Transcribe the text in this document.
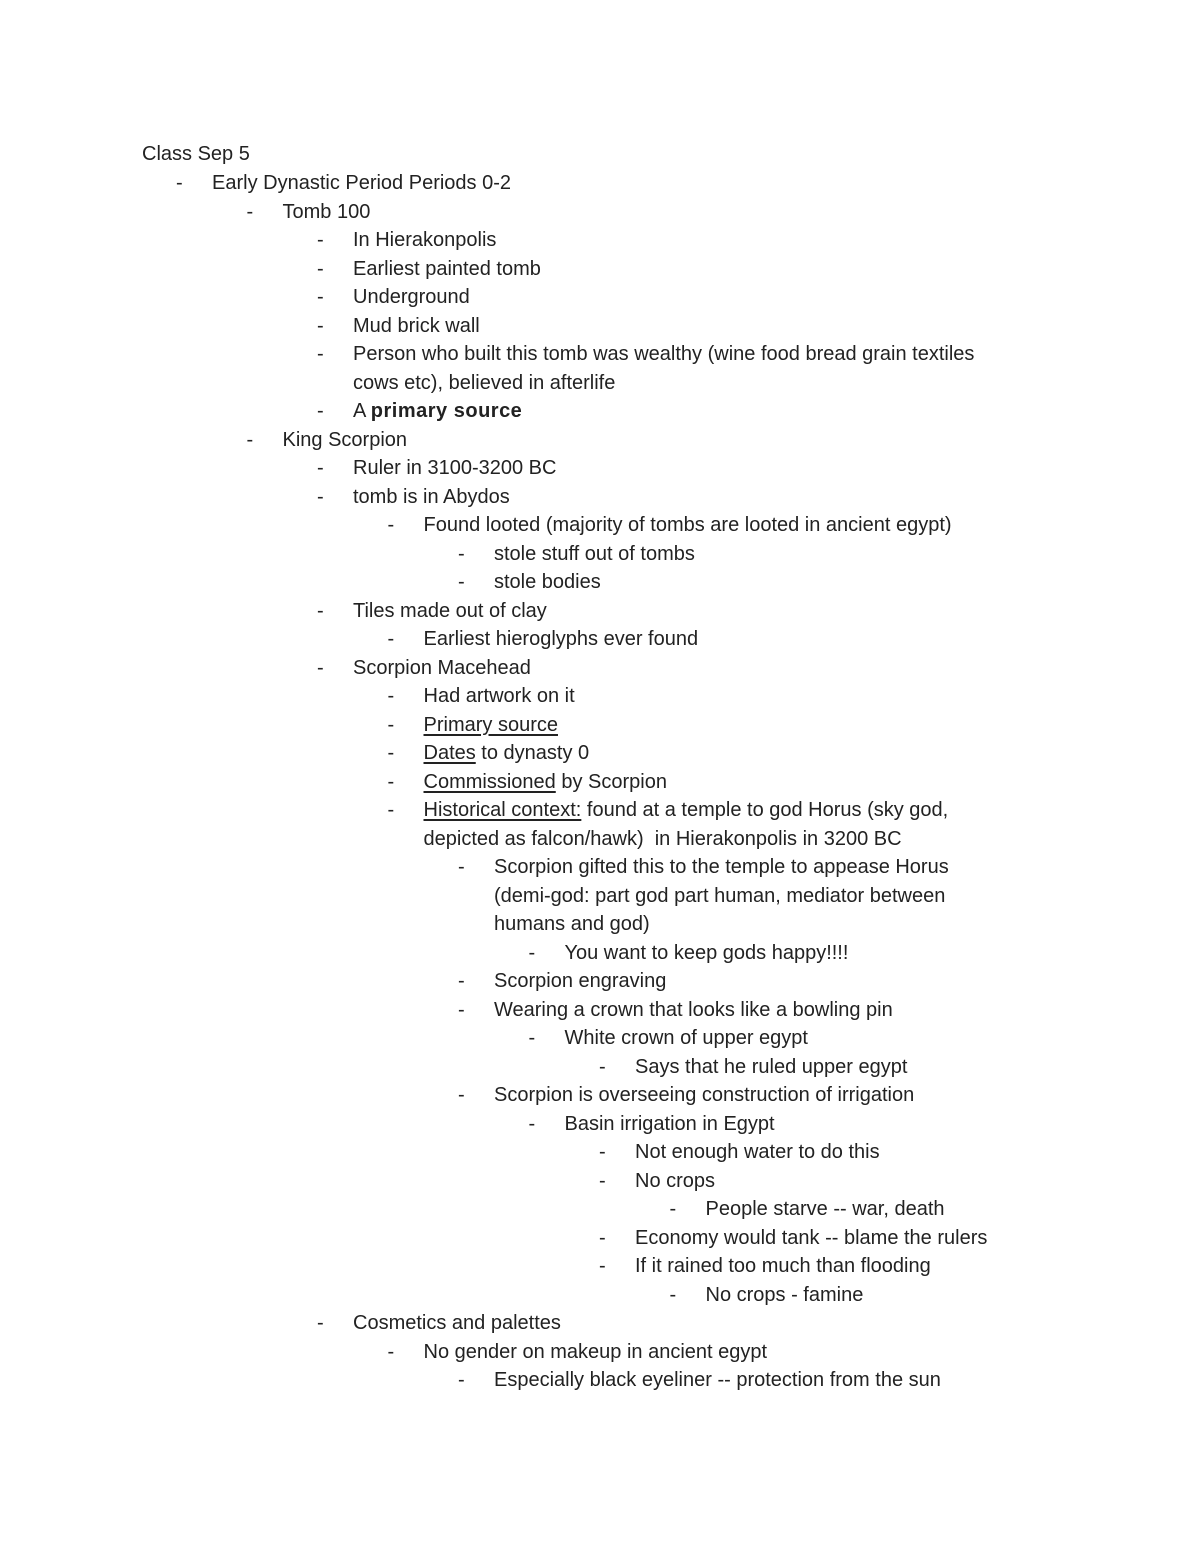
Class Sep 5
- Early Dynastic Period Periods 0-2
- Tomb 100
- In Hierakonpolis
- Earliest painted tomb
- Underground
- Mud brick wall
- Person who built this tomb was wealthy (wine food bread grain textiles
cows etc), believed in afterlife
- A primary source
- King Scorpion
- Ruler in 3100-3200 BC
- tomb is in Abydos
- Found looted (majority of tombs are looted in ancient egypt)
- stole stuff out of tombs
- stole bodies
- Tiles made out of clay
- Earliest hieroglyphs ever found
- Scorpion Macehead
- Had artwork on it
- Primary source
- Dates to dynasty 0
- Commissioned by Scorpion
- Historical context: found at a temple to god Horus (sky god,
depicted as falcon/hawk)  in Hierakonpolis in 3200 BC
- Scorpion gifted this to the temple to appease Horus
(demi-god: part god part human, mediator between
humans and god)
- You want to keep gods happy!!!!
- Scorpion engraving
- Wearing a crown that looks like a bowling pin
- White crown of upper egypt
- Says that he ruled upper egypt
- Scorpion is overseeing construction of irrigation
- Basin irrigation in Egypt
- Not enough water to do this
- No crops
- People starve -- war, death
- Economy would tank -- blame the rulers
- If it rained too much than flooding
- No crops - famine
- Cosmetics and palettes
- No gender on makeup in ancient egypt
- Especially black eyeliner -- protection from the sun
